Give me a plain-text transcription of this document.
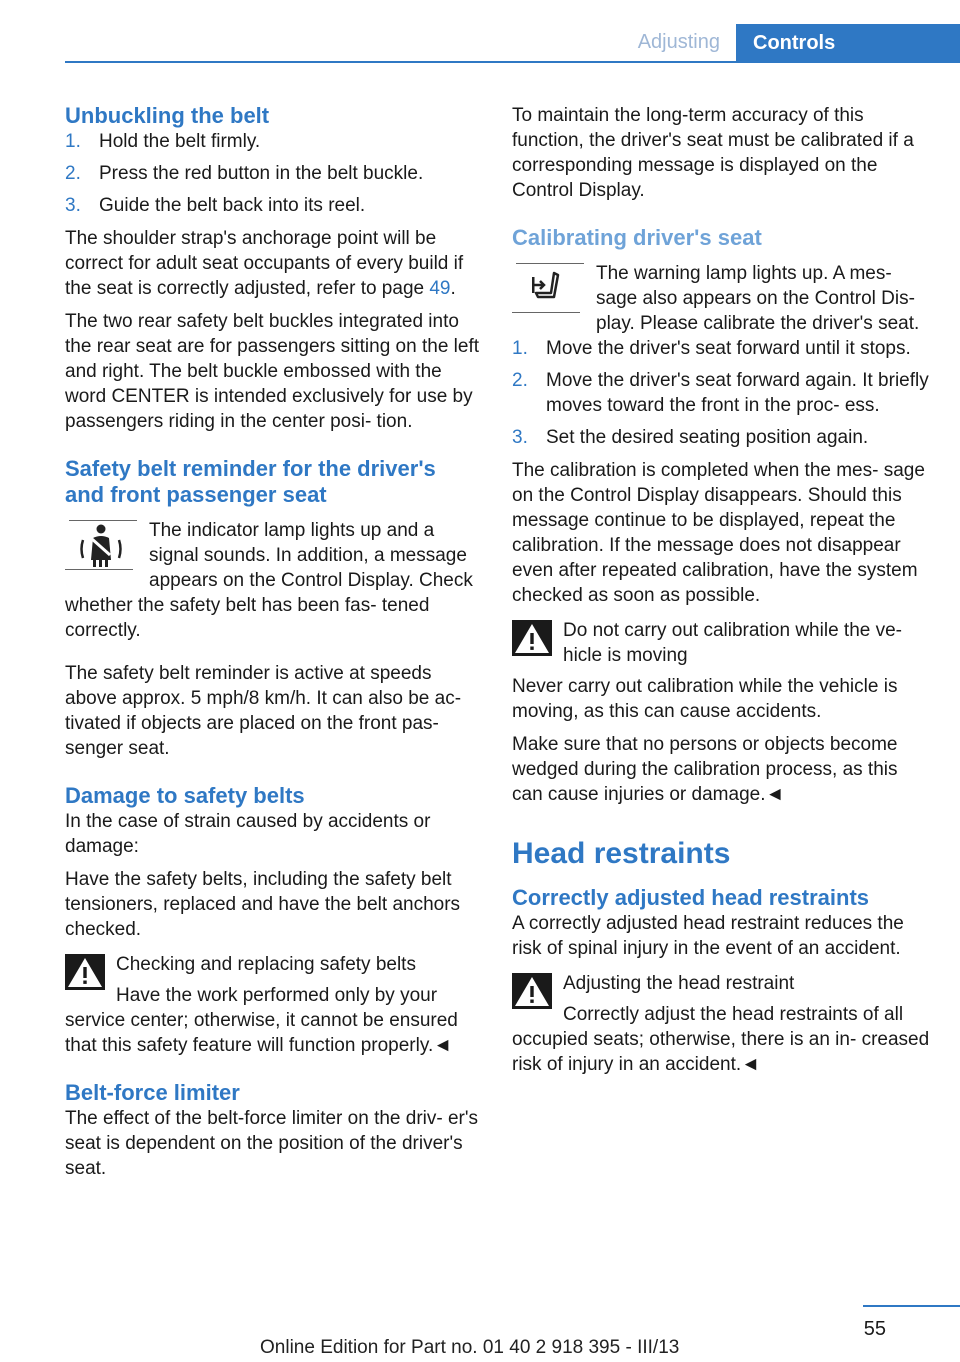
Adjusting	Controls
Unbuckling the belt
1. Hold the belt firmly.
2. Press the red button in the belt buckle.
3. Guide the belt back into its reel.

The shoulder strap's anchorage point will be correct for adult seat occupants of every build if the seat is correctly adjusted, refer to page 49.

The two rear safety belt buckles integrated into the rear seat are for passengers sitting on the left and right. The belt buckle embossed with the word CENTER is intended exclusively for use by passengers riding in the center posi‐ tion.

Safety belt reminder for the driver's and front passenger seat

The indicator lamp lights up and a signal sounds. In addition, a message appears on the Control Display. Check whether the safety belt has been fas‐ tened correctly.

The safety belt reminder is active at speeds above approx. 5 mph/8 km/h. It can also be ac‐ tivated if objects are placed on the front pas‐ senger seat.

Damage to safety belts

In the case of strain caused by accidents or damage:

Have the safety belts, including the safety belt tensioners, replaced and have the belt anchors checked.

Checking and replacing safety belts

Have the work performed only by your service center; otherwise, it cannot be ensured that this safety feature will function properly.◄

Belt-force limiter

The effect of the belt-force limiter on the driv‐ er's seat is dependent on the position of the driver's seat.

To maintain the long-term accuracy of this function, the driver's seat must be calibrated if a corresponding message is displayed on the Control Display.

Calibrating driver's seat

The warning lamp lights up. A mes‐ sage also appears on the Control Dis‐ play. Please calibrate the driver's seat.

1. Move the driver's seat forward until it stops.
2. Move the driver's seat forward again. It briefly moves toward the front in the proc‐ ess.
3. Set the desired seating position again.

The calibration is completed when the mes‐ sage on the Control Display disappears. Should this message continue to be displayed, repeat the calibration. If the message does not disappear even after repeated calibration, have the system checked as soon as possible.

Do not carry out calibration while the ve‐ hicle is moving

Never carry out calibration while the vehicle is moving, as this can cause accidents.

Make sure that no persons or objects become wedged during the calibration process, as this can cause injuries or damage.◄

Head restraints
Correctly adjusted head restraints

A correctly adjusted head restraint reduces the risk of spinal injury in the event of an accident.

Adjusting the head restraint

Correctly adjust the head restraints of all occupied seats; otherwise, there is an in‐ creased risk of injury in an accident.◄

55
Online Edition for Part no. 01 40 2 918 395 - III/13
